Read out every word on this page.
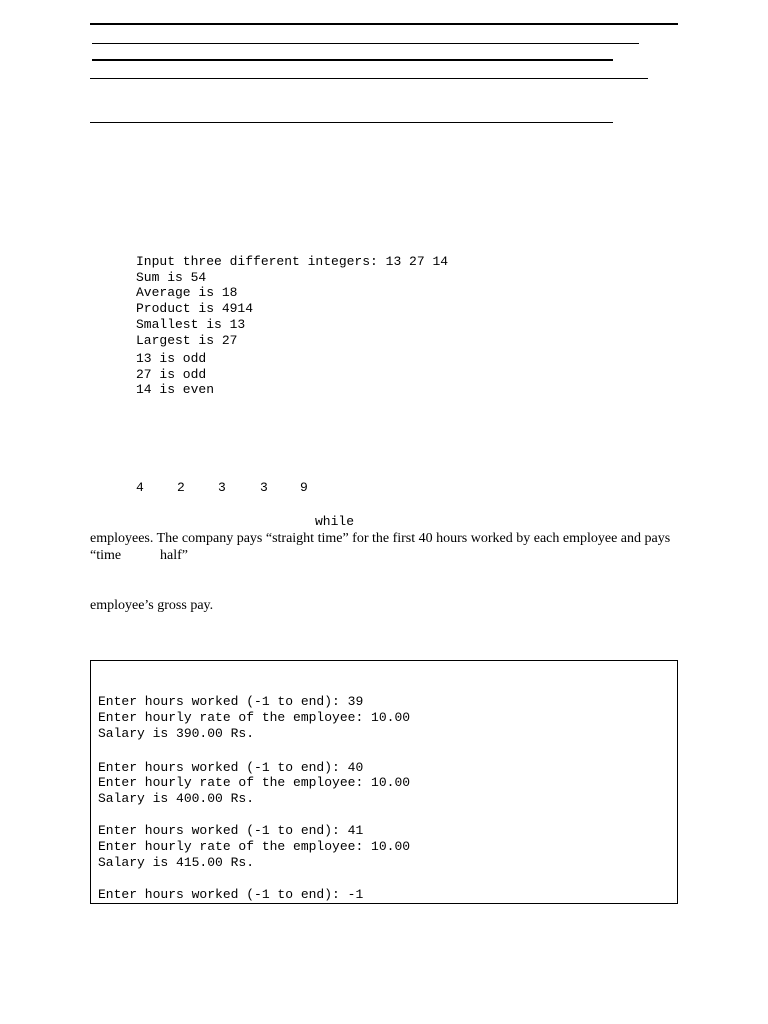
Input three different integers: 13 27 14
Sum is 54
Average is 18
Product is 4914
Smallest is 13
Largest is 27
13 is odd
27 is odd
14 is even
4	2	3	3 9
while
employees. The company pays “straight time” for the first 40 hours worked by each employee and pays
“time	half”
employee’s gross pay.
Enter hours worked (-1 to end): 39
Enter hourly rate of the employee: 10.00
Salary is 390.00 Rs.
Enter hours worked (-1 to end): 40
Enter hourly rate of the employee: 10.00
Salary is 400.00 Rs.
Enter hours worked (-1 to end): 41
Enter hourly rate of the employee: 10.00
Salary is 415.00 Rs.
Enter hours worked (-1 to end): -1
